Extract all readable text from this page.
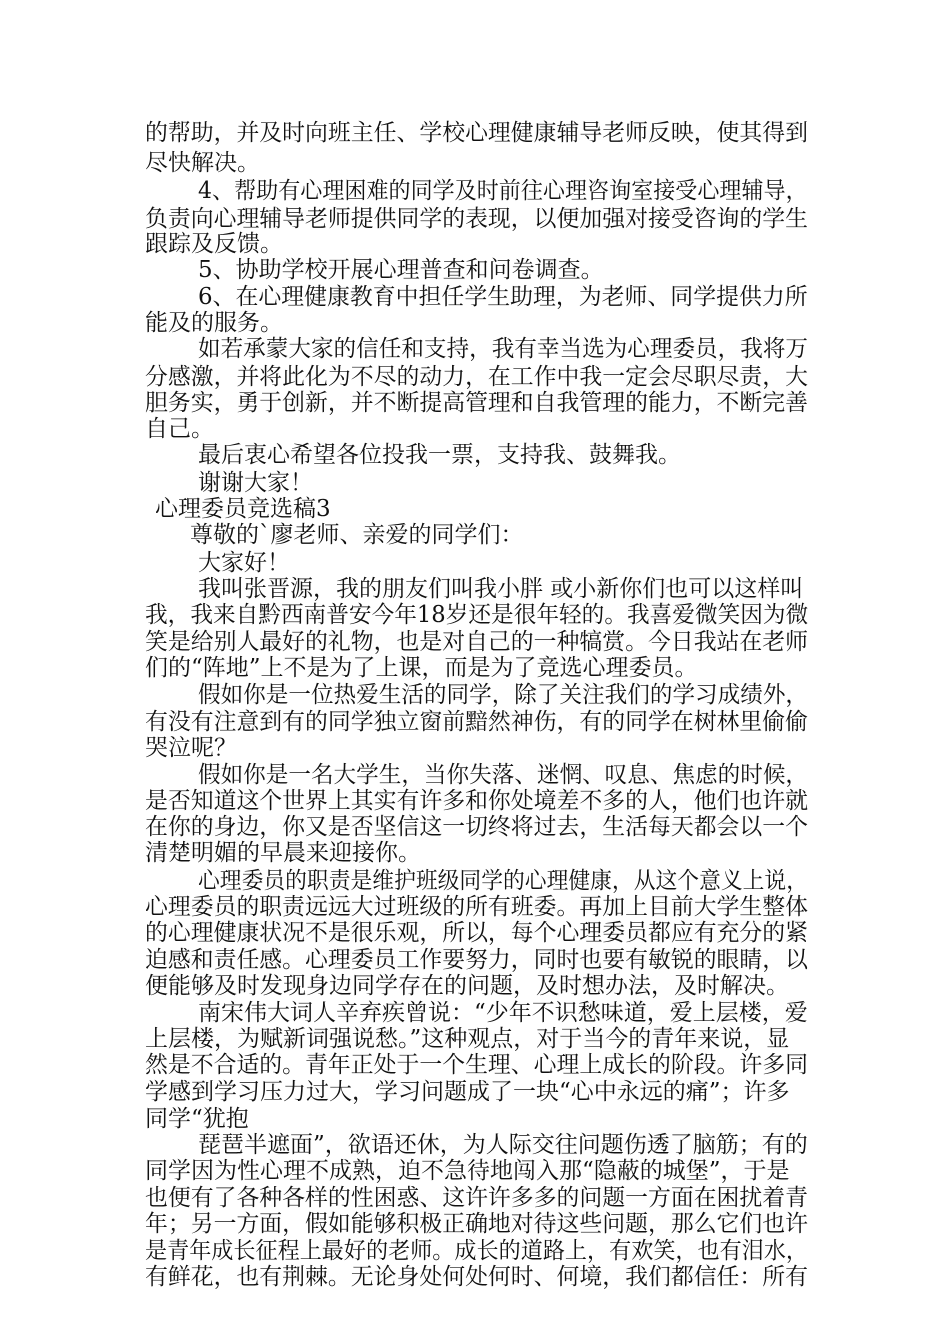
的帮助，并及时向班主任、学校心理健康辅导老师反映，使其得到
尽快解决。
4、帮助有心理困难的同学及时前往心理咨询室接受心理辅导，
负责向心理辅导老师提供同学的表现，以便加强对接受咨询的学生
跟踪及反馈。
5、协助学校开展心理普查和问卷调查。
6、在心理健康教育中担任学生助理，为老师、同学提供力所
能及的服务。
如若承蒙大家的信任和支持，我有幸当选为心理委员，我将万
分感激，并将此化为不尽的动力，在工作中我一定会尽职尽责，大
胆务实，勇于创新，并不断提高管理和自我管理的能力，不断完善
自己。
最后衷心希望各位投我一票，支持我、鼓舞我。
谢谢大家！
心理委员竞选稿3
尊敬的`廖老师、亲爱的同学们：
大家好！
我叫张晋源，我的朋友们叫我小胖 或小新你们也可以这样叫
我，我来自黔西南普安今年18岁还是很年轻的。我喜爱微笑因为微
笑是给别人最好的礼物，也是对自己的一种犒赏。今日我站在老师
们的“阵地”上不是为了上课，而是为了竞选心理委员。
假如你是一位热爱生活的同学，除了关注我们的学习成绩外，
有没有注意到有的同学独立窗前黯然神伤，有的同学在树林里偷偷
哭泣呢？
假如你是一名大学生，当你失落、迷惘、叹息、焦虑的时候，
是否知道这个世界上其实有许多和你处境差不多的人，他们也许就
在你的身边，你又是否坚信这一切终将过去，生活每天都会以一个
清楚明媚的早晨来迎接你。
心理委员的职责是维护班级同学的心理健康，从这个意义上说，
心理委员的职责远远大过班级的所有班委。再加上目前大学生整体
的心理健康状况不是很乐观，所以，每个心理委员都应有充分的紧
迫感和责任感。心理委员工作要努力，同时也要有敏锐的眼睛，以
便能够及时发现身边同学存在的问题，及时想办法，及时解决。
南宋伟大词人辛弃疾曾说：“少年不识愁味道，爱上层楼，爱
上层楼，为赋新词强说愁。”这种观点，对于当今的青年来说，显
然是不合适的。青年正处于一个生理、心理上成长的阶段。许多同
学感到学习压力过大，学习问题成了一块“心中永远的痛”；许多
同学“犹抱
琵琶半遮面”，欲语还休，为人际交往问题伤透了脑筋；有的
同学因为性心理不成熟，迫不急待地闯入那“隐蔽的城堡”，于是
也便有了各种各样的性困惑、这许许多多的问题一方面在困扰着青
年；另一方面，假如能够积极正确地对待这些问题，那么它们也许
是青年成长征程上最好的老师。成长的道路上，有欢笑，也有泪水，
有鲜花，也有荆棘。无论身处何处何时、何境，我们都信任：所有
